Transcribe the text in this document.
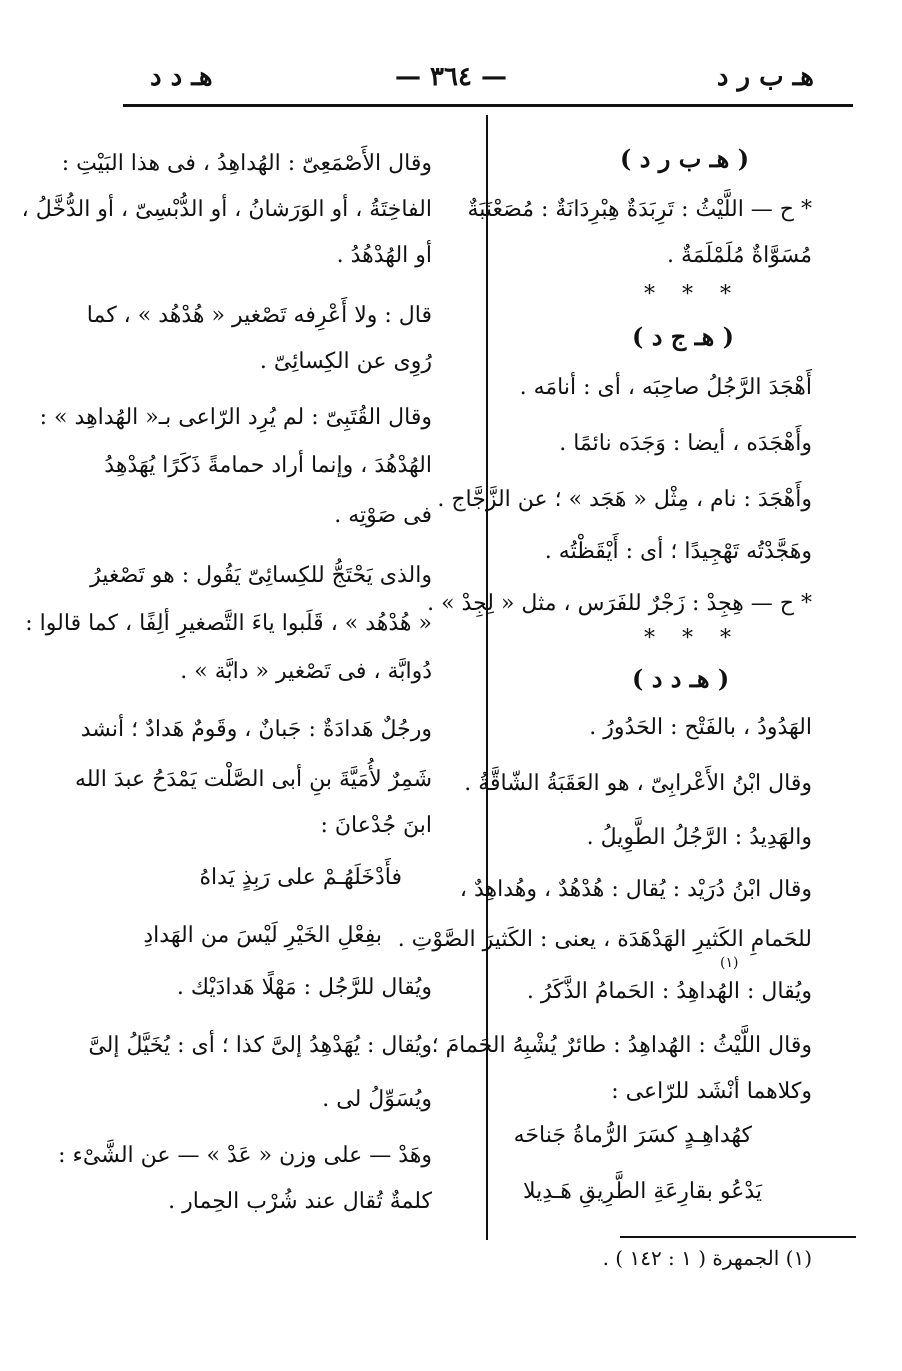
هـ ب ر د
— ٣٦٤ —
هـ د د
( هـ ب ر د )
* ح — اللَّيْثُ : تَرِبَدَةٌ هِبْرِدَانَةٌ : مُصَعْنَبَةٌ
مُسَوَّاةٌ مُلَمْلَمَةٌ .
* * *
( هـ ج د )
أَهْجَدَ الرَّجُلُ صاحِبَه ، أى : أنامَه .
وأَهْجَدَه ، أيضا : وَجَدَه نائمًا .
وأَهْجَدَ : نام ، مِثْل « هَجَد » ؛ عن الزَّجَّاج .
وهَجَّدْتُه تَهْجِيدًا ؛ أى : أَيْقَظْتُه .
* ح — هِجِدْ : زَجْرٌ للفَرَس ، مثل « لِجِدْ » .
* * *
( هـ د د )
الهَدُودُ ، بالفَتْح : الحَدُورُ .
وقال ابْنُ الأَعْرابِىّ ، هو العَقَبَةُ الشّاقَّةُ .
والهَدِيدُ : الرَّجُلُ الطَّوِيلُ .
وقال ابْنُ دُرَيْد : يُقال : هُدْهُدٌ ، وهُداهِدٌ ،
للحَمامِ الكَثيرِ الهَدْهَدَة ، يعنى : الكَثيرَ الصَّوْتِ .
ويُقال : الهُداهِدُ : الحَمامُ الذَّكَرُ .
(١)
وقال اللَّيْثُ : الهُداهِدُ : طائرٌ يُشْبِهُ الحَمامَ ؛
وكلاهما أنْشَد للرّاعى :
كهُداهِـدٍ كسَرَ الرُّماةُ جَناحَه
يَدْعُو بقارِعَةِ الطَّرِيقِ هَـدِيلا
وقال الأَصْمَعِىّ : الهُداهِدُ ، فى هذا البَيْتِ :
الفاخِتَةُ ، أو الوَرَشانُ ، أو الدُّبْسِىّ ، أو الدُّخَّلُ ،
أو الهُدْهُدُ .
قال : ولا أَعْرِفه تَصْغير « هُدْهُد » ، كما
رُوِى عن الكِسائِىّ .
وقال القُتَبِىّ : لم يُرِد الرّاعى بـ« الهُداهِد » :
الهُدْهُدَ ، وإنما أراد حمامةً ذَكَرًا يُهَدْهِدُ
فى صَوْتِه .
والذى يَحْتَجُّ للكِسائِىّ يَقُول : هو تَصْغيرُ
« هُدْهُد » ، قَلَبوا ياءَ التَّصغيرِ ألِفًا ، كما قالوا :
دُوابَّة ، فى تَصْغير « دابَّة » .
ورجُلٌ هَدادَةٌ : جَبانٌ ، وقَومٌ هَدادٌ ؛ أنشد
شَمِرٌ لأُمَيَّةَ بنِ أبى الصَّلْت يَمْدَحُ عبدَ الله
ابنَ جُدْعانَ :
فأَدْخَلَهُـمْ على رَبِذٍ يَداهُ
بفِعْلِ الخَيْرِ لَيْسَ من الهَدادِ
ويُقال للرَّجُل : مَهْلًا هَدادَيْك .
ويُقال : يُهَدْهِدُ إلىَّ كذا ؛ أى : يُخَيَّلُ إلىَّ
ويُسَوِّلُ لى .
وهَدْ — على وزن « عَدْ » — عن الشَّىْء :
كلمةٌ تُقال عند شُرْب الحِمار .
(١) الجمهرة ( ١ : ١٤٢ ) .
